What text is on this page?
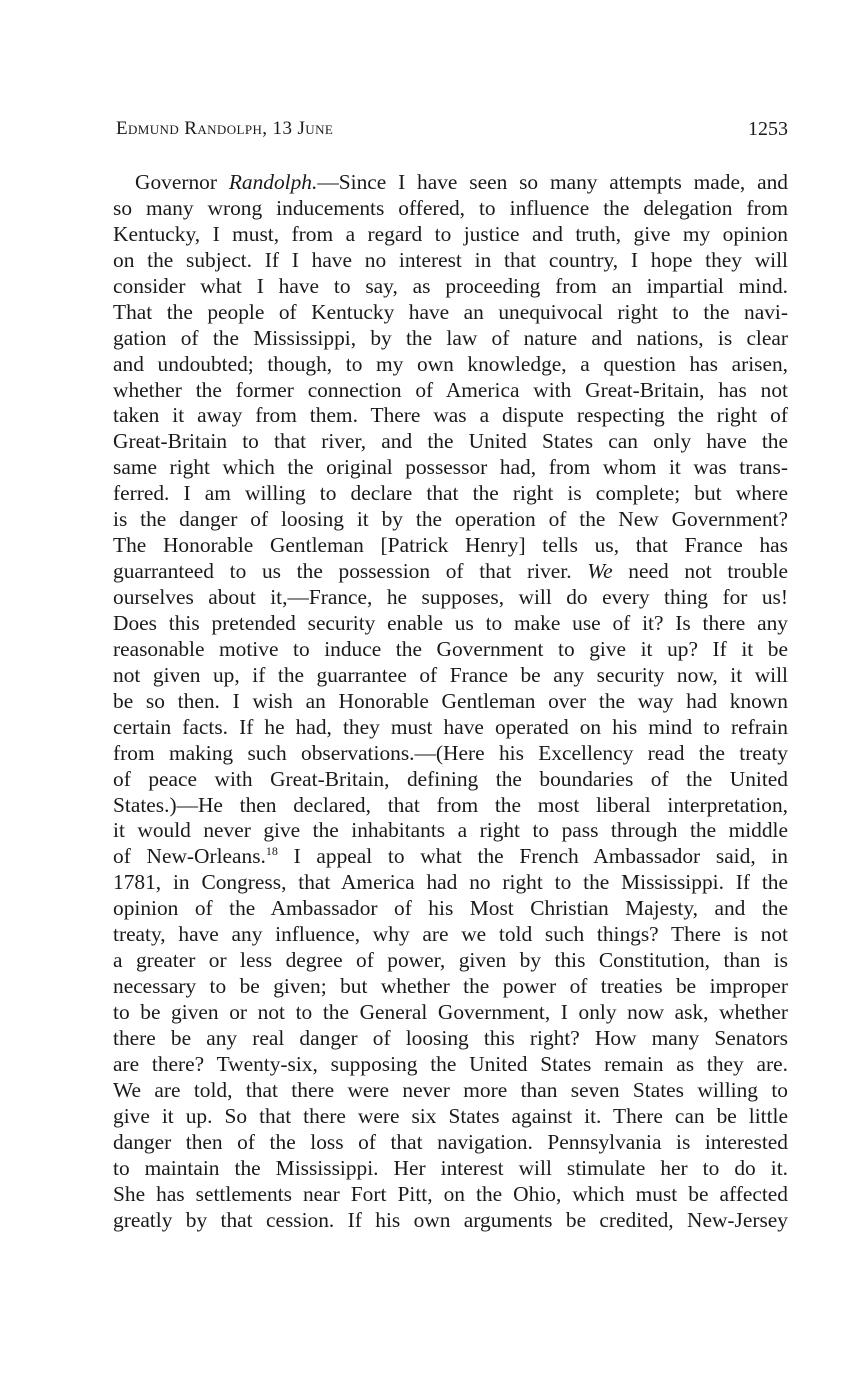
Edmund Randolph, 13 June	1253
Governor Randolph.—Since I have seen so many attempts made, and
so many wrong inducements offered, to influence the delegation from
Kentucky, I must, from a regard to justice and truth, give my opinion
on the subject. If I have no interest in that country, I hope they will
consider what I have to say, as proceeding from an impartial mind.
That the people of Kentucky have an unequivocal right to the navi-
gation of the Mississippi, by the law of nature and nations, is clear
and undoubted; though, to my own knowledge, a question has arisen,
whether the former connection of America with Great-Britain, has not
taken it away from them. There was a dispute respecting the right of
Great-Britain to that river, and the United States can only have the
same right which the original possessor had, from whom it was trans-
ferred. I am willing to declare that the right is complete; but where
is the danger of loosing it by the operation of the New Government?
The Honorable Gentleman [Patrick Henry] tells us, that France has
guarranteed to us the possession of that river. We need not trouble
ourselves about it,—France, he supposes, will do every thing for us!
Does this pretended security enable us to make use of it? Is there any
reasonable motive to induce the Government to give it up? If it be
not given up, if the guarrantee of France be any security now, it will
be so then. I wish an Honorable Gentleman over the way had known
certain facts. If he had, they must have operated on his mind to refrain
from making such observations.—(Here his Excellency read the treaty
of peace with Great-Britain, defining the boundaries of the United
States.)—He then declared, that from the most liberal interpretation,
it would never give the inhabitants a right to pass through the middle
of New-Orleans.$^{18}$ I appeal to what the French Ambassador said, in
1781, in Congress, that America had no right to the Mississippi. If the
opinion of the Ambassador of his Most Christian Majesty, and the
treaty, have any influence, why are we told such things? There is not
a greater or less degree of power, given by this Constitution, than is
necessary to be given; but whether the power of treaties be improper
to be given or not to the General Government, I only now ask, whether
there be any real danger of loosing this right? How many Senators
are there? Twenty-six, supposing the United States remain as they are.
We are told, that there were never more than seven States willing to
give it up. So that there were six States against it. There can be little
danger then of the loss of that navigation. Pennsylvania is interested
to maintain the Mississippi. Her interest will stimulate her to do it.
She has settlements near Fort Pitt, on the Ohio, which must be affected
greatly by that cession. If his own arguments be credited, New-Jersey
